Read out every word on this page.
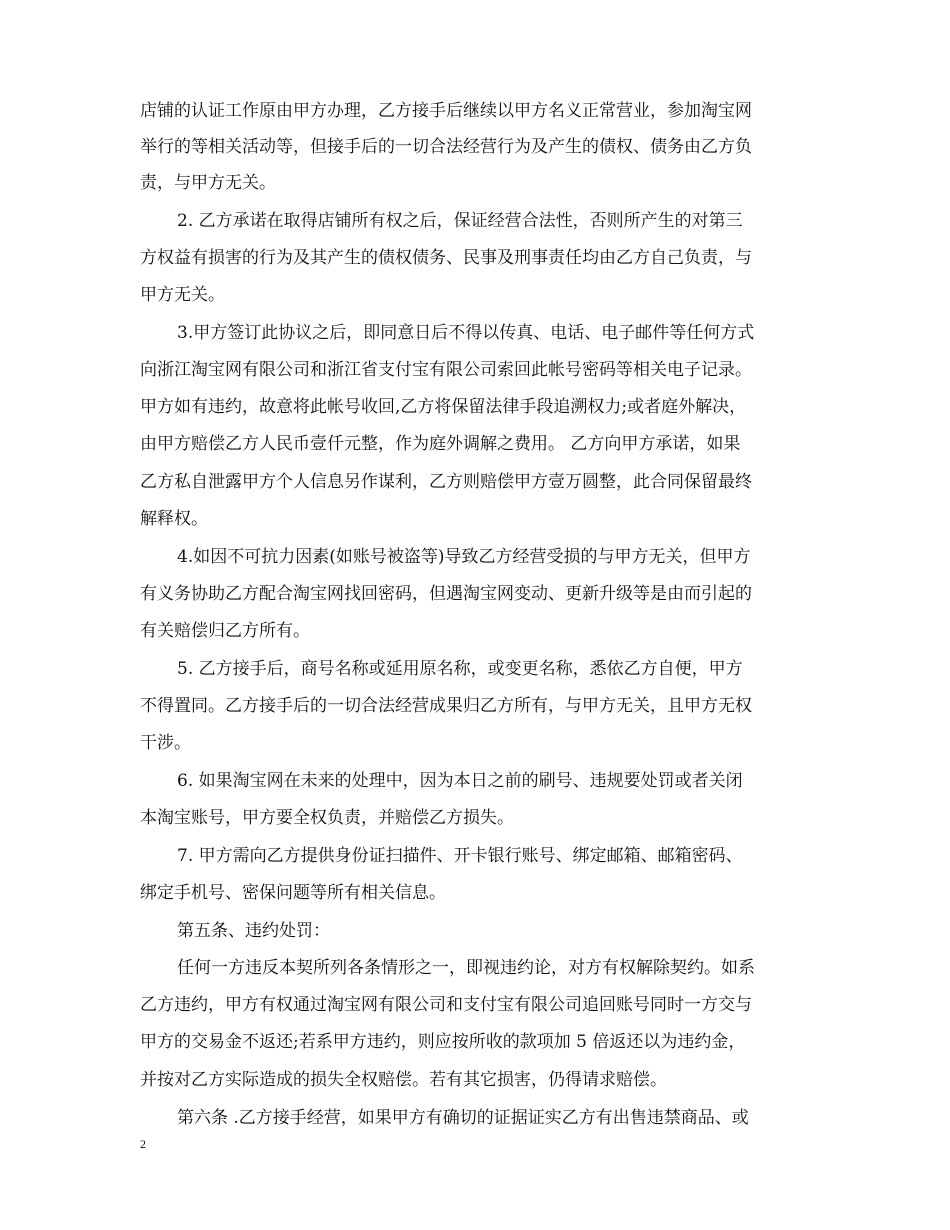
店铺的认证工作原由甲方办理，乙方接手后继续以甲方名义正常营业，参加淘宝网
举行的等相关活动等，但接手后的一切合法经营行为及产生的债权、债务由乙方负
责，与甲方无关。
2. 乙方承诺在取得店铺所有权之后，保证经营合法性，否则所产生的对第三
方权益有损害的行为及其产生的债权债务、民事及刑事责任均由乙方自己负责，与
甲方无关。
3.甲方签订此协议之后，即同意日后不得以传真、电话、电子邮件等任何方式
向浙江淘宝网有限公司和浙江省支付宝有限公司索回此帐号密码等相关电子记录。
甲方如有违约，故意将此帐号收回,乙方将保留法律手段追溯权力;或者庭外解决，
由甲方赔偿乙方人民币壹仟元整，作为庭外调解之费用。 乙方向甲方承诺，如果
乙方私自泄露甲方个人信息另作谋利，乙方则赔偿甲方壹万圆整，此合同保留最终
解释权。
4.如因不可抗力因素(如账号被盗等)导致乙方经营受损的与甲方无关，但甲方
有义务协助乙方配合淘宝网找回密码，但遇淘宝网变动、更新升级等是由而引起的
有关赔偿归乙方所有。
5. 乙方接手后，商号名称或延用原名称，或变更名称，悉依乙方自便，甲方
不得置同。乙方接手后的一切合法经营成果归乙方所有，与甲方无关，且甲方无权
干涉。
6. 如果淘宝网在未来的处理中，因为本日之前的刷号、违规要处罚或者关闭
本淘宝账号，甲方要全权负责，并赔偿乙方损失。
7. 甲方需向乙方提供身份证扫描件、开卡银行账号、绑定邮箱、邮箱密码、
绑定手机号、密保问题等所有相关信息。
第五条、违约处罚：
任何一方违反本契所列各条情形之一，即视违约论，对方有权解除契约。如系
乙方违约，甲方有权通过淘宝网有限公司和支付宝有限公司追回账号同时一方交与
甲方的交易金不返还;若系甲方违约，则应按所收的款项加 5 倍返还以为违约金，
并按对乙方实际造成的损失全权赔偿。若有其它损害，仍得请求赔偿。
第六条 .乙方接手经营，如果甲方有确切的证据证实乙方有出售违禁商品、或
2
